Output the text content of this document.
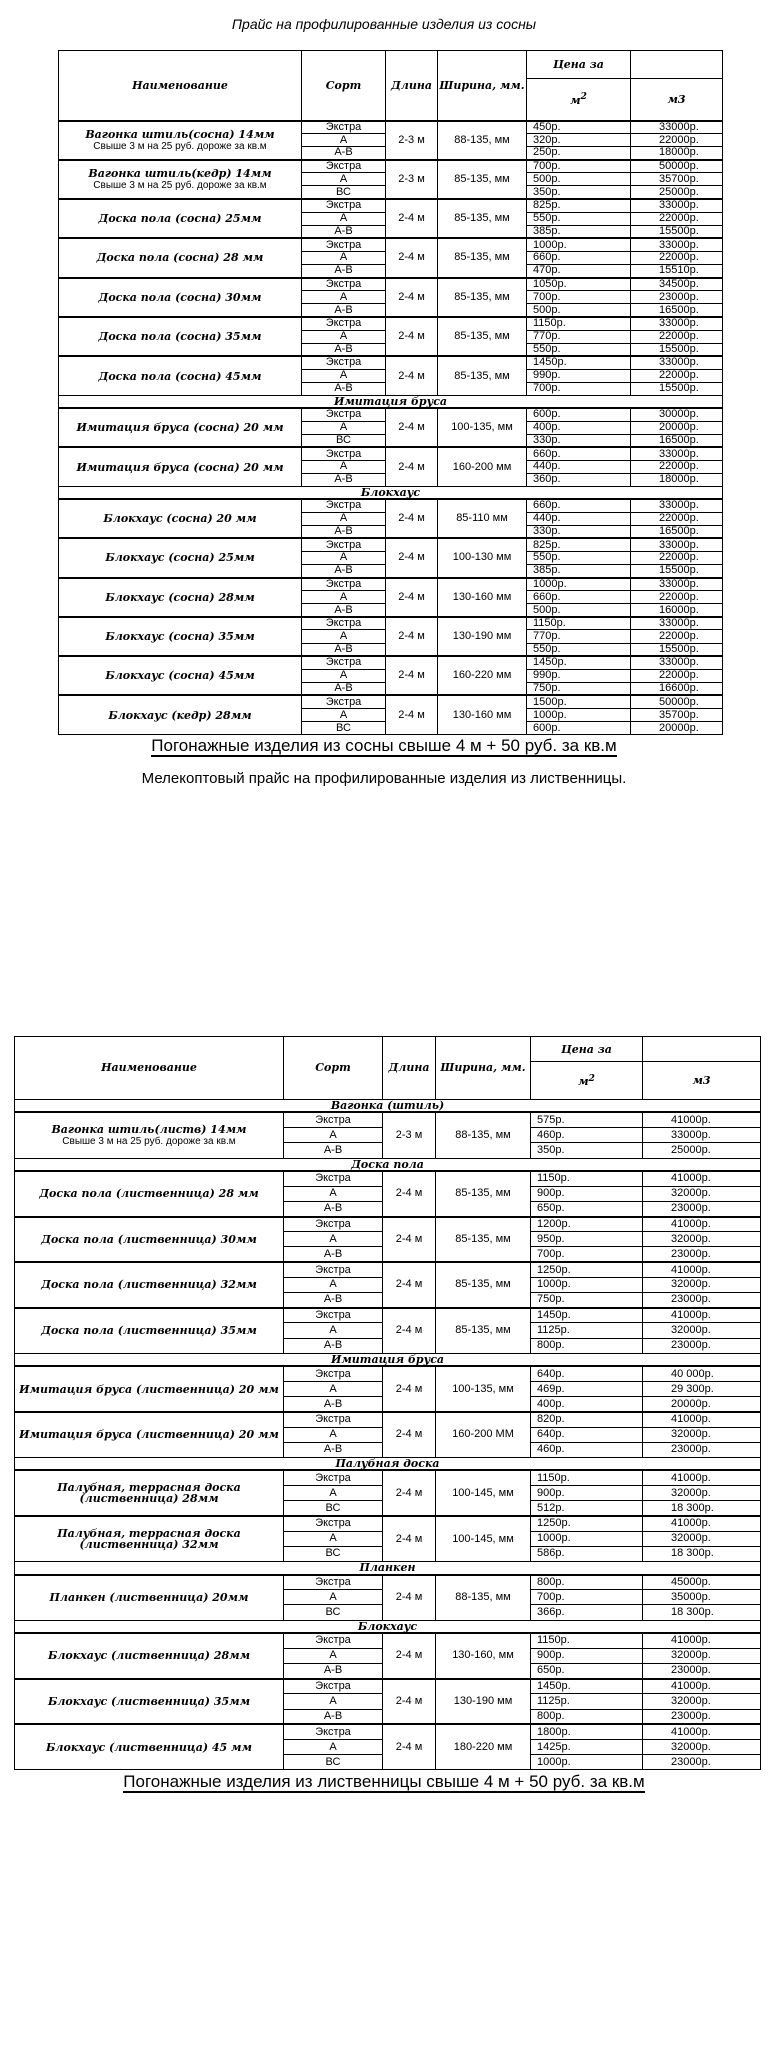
Прайс на профилированные изделия из сосны
Наименование	Сорт	Длина	Ширина, мм.	Цена за	
				$м^2$	м3
Вагонка штиль(сосна) 14мм
Свыше 3 м на 25 руб. дороже за кв.м	Экстра	2-3 м	88-135, мм	450р.	33000р.
	А			320р.	22000р.
	А-В			250р.	18000р.
Вагонка штиль(кедр) 14мм
Свыше 3 м на 25 руб. дороже за кв.м	Экстра	2-3 м	85-135, мм	700р.	50000р.
	А			500р.	35700р.
	ВС			350р.	25000р.
Доска пола (сосна) 25мм	Экстра	2-4 м	85-135, мм	825р.	33000р.
	А			550р.	22000р.
	А-В			385р.	15500р.
Доска пола (сосна) 28 мм	Экстра	2-4 м	85-135, мм	1000р.	33000р.
	А			660р.	22000р.
	А-В			470р.	15510р.
Доска пола (сосна) 30мм	Экстра	2-4 м	85-135, мм	1050р.	34500р.
	А			700р.	23000р.
	А-В			500р.	16500р.
Доска пола (сосна) 35мм	Экстра	2-4 м	85-135, мм	1150р.	33000р.
	А			770р.	22000р.
	А-В			550р.	15500р.
Доска пола (сосна) 45мм	Экстра	2-4 м	85-135, мм	1450р.	33000р.
	А			990р.	22000р.
	А-В			700р.	15500р.
Имитация бруса					
Имитация бруса (сосна) 20 мм	Экстра	2-4 м	100-135, мм	600р.	30000р.
	А			400р.	20000р.
	ВС			330р.	16500р.
Имитация бруса (сосна) 20 мм	Экстра	2-4 м	160-200 мм	660р.	33000р.
	А			440р.	22000р.
	А-В			360р.	18000р.
Блокхаус					
Блокхаус (сосна) 20 мм	Экстра	2-4 м	85-110 мм	660р.	33000р.
	А			440р.	22000р.
	А-В			330р.	16500р.
Блокхаус (сосна) 25мм	Экстра	2-4 м	100-130 мм	825р.	33000р.
	А			550р.	22000р.
	А-В			385р.	15500р.
Блокхаус (сосна) 28мм	Экстра	2-4 м	130-160 мм	1000р.	33000р.
	А			660р.	22000р.
	А-В			500р.	16000р.
Блокхаус (сосна) 35мм	Экстра	2-4 м	130-190 мм	1150р.	33000р.
	А			770р.	22000р.
	А-В			550р.	15500р.
Блокхаус (сосна) 45мм	Экстра	2-4 м	160-220 мм	1450р.	33000р.
	А			990р.	22000р.
	А-В			750р.	16600р.
Блокхаус (кедр) 28мм	Экстра	2-4 м	130-160 мм	1500р.	50000р.
	А			1000р.	35700р.
	ВС			600р.	20000р.
Погонажные изделия из сосны свыше 4 м + 50 руб. за кв.м
Мелекоптовый прайс на профилированные изделия из лиственницы.
Наименование	Сорт	Длина	Ширина, мм.	Цена за	
				$м^2$	м3
Вагонка (штиль)					
Вагонка штиль(листв) 14мм
Свыше 3 м на 25 руб. дороже за кв.м	Экстра	2-3 м	88-135, мм	575р.	41000р.
	А			460р.	33000р.
	А-В			350р.	25000р.
Доска пола					
Доска пола (лиственница) 28 мм	Экстра	2-4 м	85-135, мм	1150р.	41000р.
	А			900р.	32000р.
	А-В			650р.	23000р.
Доска пола (лиственница) 30мм	Экстра	2-4 м	85-135, мм	1200р.	41000р.
	А			950р.	32000р.
	А-В			700р.	23000р.
Доска пола (лиственница) 32мм	Экстра	2-4 м	85-135, мм	1250р.	41000р.
	А			1000р.	32000р.
	А-В			750р.	23000р.
Доска пола (лиственница) 35мм	Экстра	2-4 м	85-135, мм	1450р.	41000р.
	А			1125р.	32000р.
	А-В			800р.	23000р.
Имитация бруса					
Имитация бруса (лиственница) 20 мм	Экстра	2-4 м	100-135, мм	640р.	40 000р.
	А			469р.	29 300р.
	А-В			400р.	20000р.
Имитация бруса (лиственница) 20 мм	Экстра	2-4 м	160-200 ММ	820р.	41000р.
	А			640р.	32000р.
	А-В			460р.	23000р.
Палубная доска					
Палубная, террасная доска (лиственница) 28мм	Экстра	2-4 м	100-145, мм	1150р.	41000р.
	А			900р.	32000р.
	ВС			512р.	18 300р.
Палубная, террасная доска (лиственница) 32мм	Экстра	2-4 м	100-145, мм	1250р.	41000р.
	А			1000р.	32000р.
	ВС			586р.	18 300р.
Планкен					
Планкен (лиственница) 20мм	Экстра	2-4 м	88-135, мм	800р.	45000р.
	А			700р.	35000р.
	ВС			366р.	18 300р.
Блокхаус					
Блокхаус (лиственница) 28мм	Экстра	2-4 м	130-160, мм	1150р.	41000р.
	А			900р.	32000р.
	А-В			650р.	23000р.
Блокхаус (лиственница) 35мм	Экстра	2-4 м	130-190 мм	1450р.	41000р.
	А			1125р.	32000р.
	А-В			800р.	23000р.
Блокхаус (лиственница) 45 мм	Экстра	2-4 м	180-220 мм	1800р.	41000р.
	А			1425р.	32000р.
	ВС			1000р.	23000р.
Погонажные изделия из лиственницы свыше 4 м + 50 руб. за кв.м
